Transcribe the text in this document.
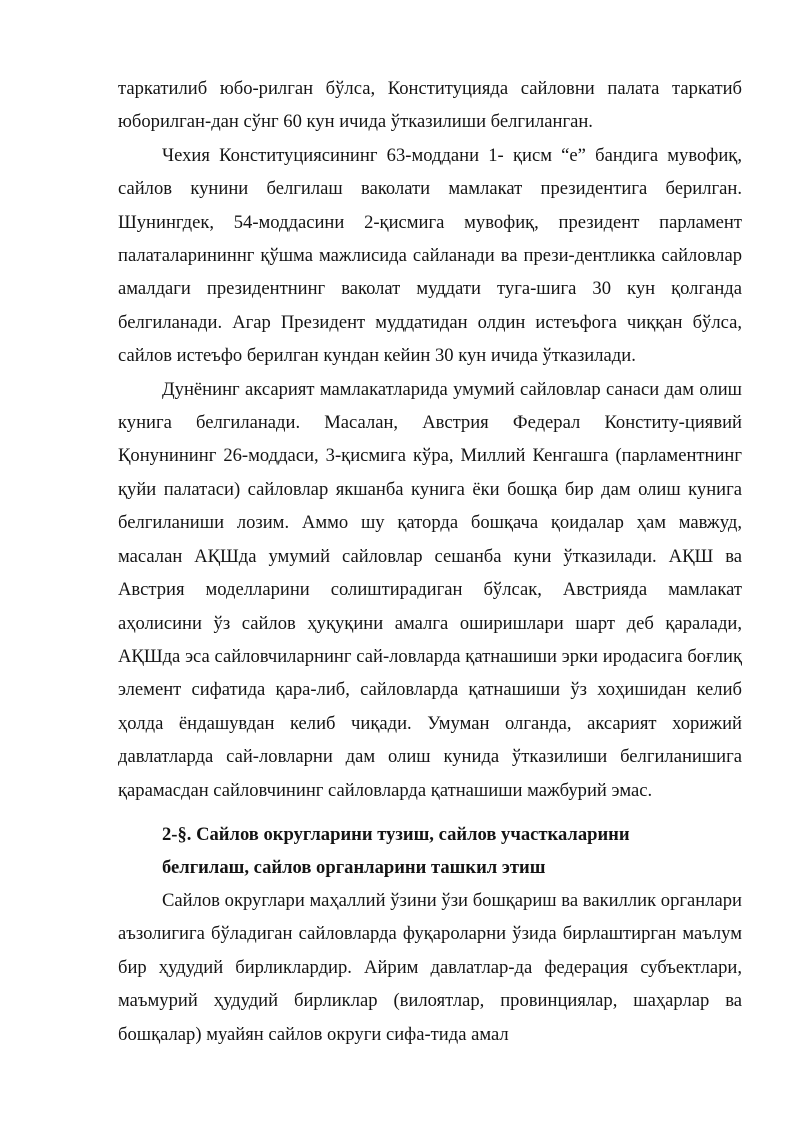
таркатилиб юбо-рилган бўлса, Конституцияда сайловни палата таркатиб юборилган-дан сўнг 60 кун ичида ўтказилиши белгиланган.

Чехия Конституциясининг 63-моддани 1- қисм “е” бандига мувофиқ, сайлов кунини белгилаш ваколати мамлакат президентига берилган. Шунингдек, 54-моддасини 2-қисмига мувофиқ, президент парламент палаталарининнг қўшма мажлисида сайланади ва прези-дентликка сайловлар амалдаги президентнинг ваколат муддати туга-шига 30 кун қолганда белгиланади. Агар Президент муддатидан олдин истеъфога чиққан бўлса, сайлов истеъфо берилган кундан кейин 30 кун ичида ўтказилади.

Дунёнинг аксарият мамлакатларида умумий сайловлар санаси дам олиш кунига белгиланади. Масалан, Австрия Федерал Конститу-циявий Қонунининг 26-моддаси, 3-қисмига кўра, Миллий Кенгашга (парламентнинг қуйи палатаси) сайловлар якшанба кунига ёки бошқа бир дам олиш кунига белгиланиши лозим. Аммо шу қаторда бошқача қоидалар ҳам мавжуд, масалан АҚШда умумий сайловлар сешанба куни ўтказилади. АҚШ ва Австрия моделларини солиштирадиган бўлсак, Австрияда мамлакат аҳолисини ўз сайлов ҳуқуқини амалга оширишлари шарт деб қаралади, АҚШда эса сайловчиларнинг сай-ловларда қатнашиши эрки иродасига боғлиқ элемент сифатида қара-либ, сайловларда қатнашиши ўз хоҳишидан келиб ҳолда ёндашувдан келиб чиқади. Умуман олганда, аксарият хорижий давлатларда сай-ловларни дам олиш кунида ўтказилиши белгиланишига қарамасдан сайловчининг сайловларда қатнашиши мажбурий эмас.

2-§. Сайлов округларини тузиш, сайлов участкаларини
белгилаш, сайлов органларини ташкил этиш

Сайлов округлари маҳаллий ўзини ўзи бошқариш ва вакиллик органлари аъзолигига бўладиган сайловларда фуқароларни ўзида бирлаштирган маълум бир ҳудудий бирликлардир. Айрим давлатлар-да федерация субъектлари, маъмурий ҳудудий бирликлар (вилоятлар, провинциялар, шаҳарлар ва бошқалар) муайян сайлов округи сифа-тида амал
